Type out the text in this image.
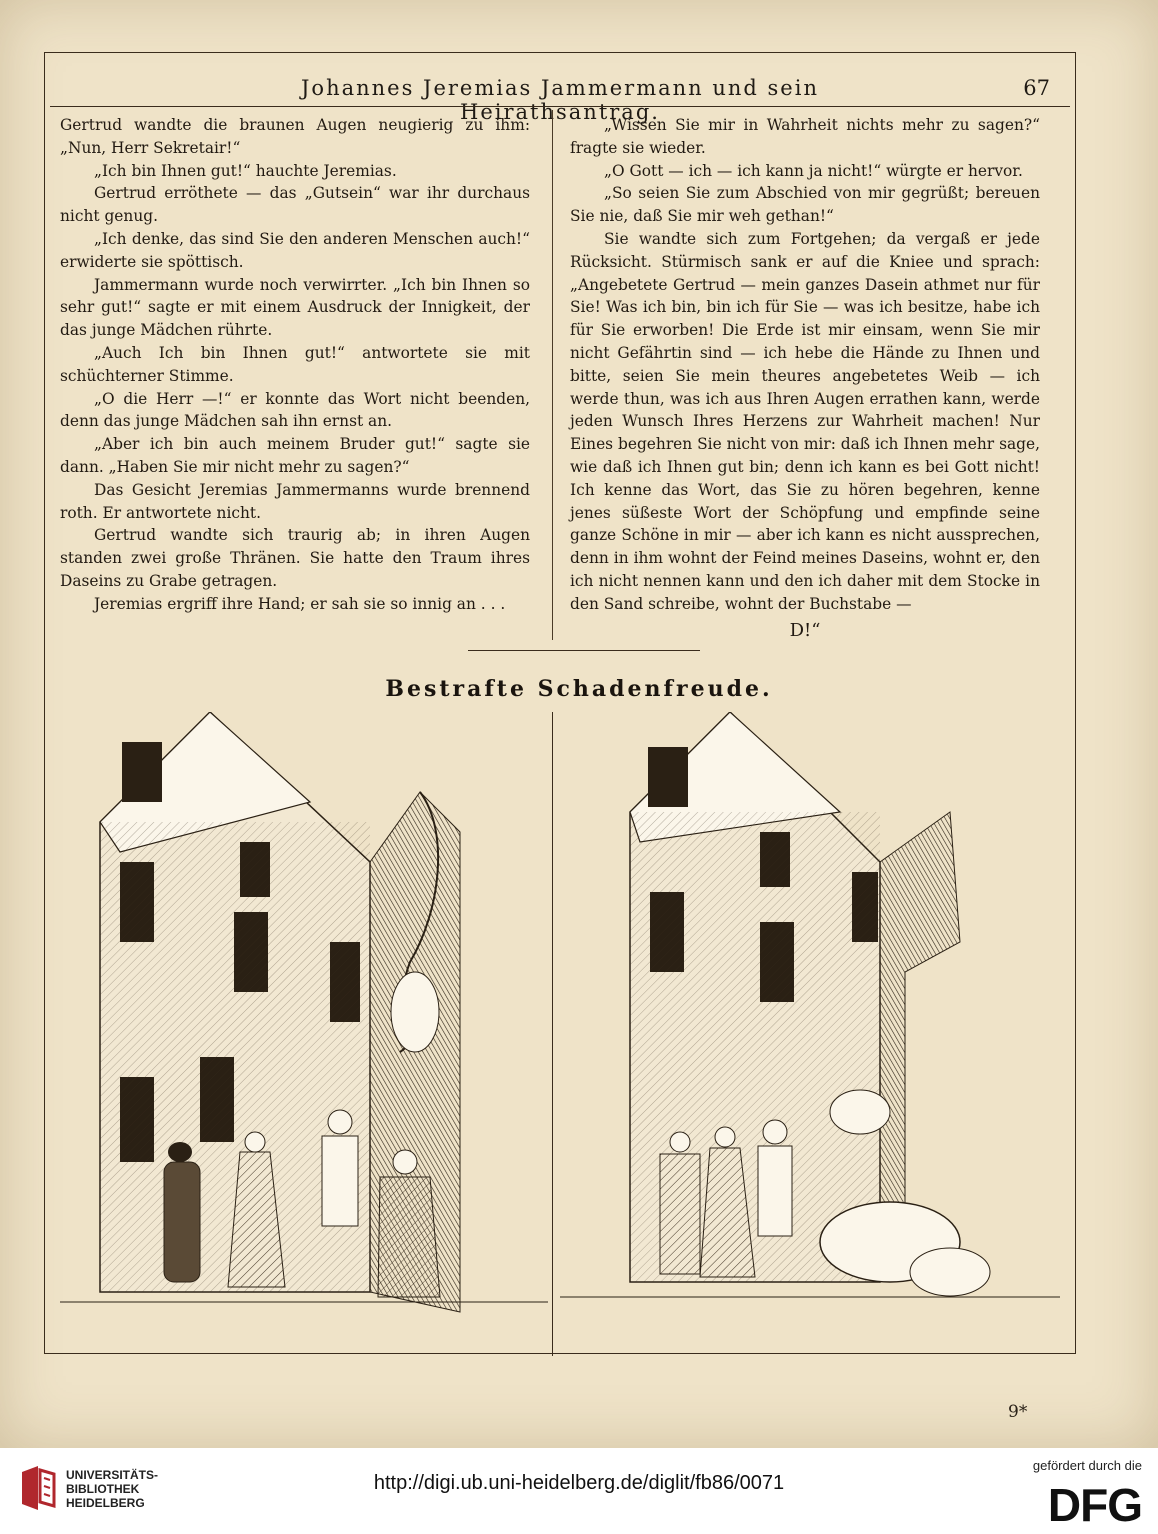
Johannes Jeremias Jammermann und sein Heirathsantrag.
67

Gertrud wandte die braunen Augen neugierig zu ihm: „Nun, Herr Sekretair!“

„Ich bin Ihnen gut!“ hauchte Jeremias.

Gertrud erröthete — das „Gutsein“ war ihr durchaus nicht genug.

„Ich denke, das sind Sie den anderen Menschen auch!“ erwiderte sie spöttisch.

Jammermann wurde noch verwirrter. „Ich bin Ihnen so sehr gut!“ sagte er mit einem Ausdruck der Innigkeit, der das junge Mädchen rührte.

„Auch Ich bin Ihnen gut!“ antwortete sie mit schüchterner Stimme.

„O die Herr —!“ er konnte das Wort nicht beenden, denn das junge Mädchen sah ihn ernst an.

„Aber ich bin auch meinem Bruder gut!“ sagte sie dann. „Haben Sie mir nicht mehr zu sagen?“

Das Gesicht Jeremias Jammermanns wurde brennend roth. Er antwortete nicht.

Gertrud wandte sich traurig ab; in ihren Augen standen zwei große Thränen. Sie hatte den Traum ihres Daseins zu Grabe getragen.

Jeremias ergriff ihre Hand; er sah sie so innig an . . .

„Wissen Sie mir in Wahrheit nichts mehr zu sagen?“ fragte sie wieder.

„O Gott — ich — ich kann ja nicht!“ würgte er hervor.

„So seien Sie zum Abschied von mir gegrüßt; bereuen Sie nie, daß Sie mir weh gethan!“

Sie wandte sich zum Fortgehen; da vergaß er jede Rücksicht. Stürmisch sank er auf die Kniee und sprach: „Angebetete Gertrud — mein ganzes Dasein athmet nur für Sie! Was ich bin, bin ich für Sie — was ich besitze, habe ich für Sie erworben! Die Erde ist mir einsam, wenn Sie mir nicht Gefährtin sind — ich hebe die Hände zu Ihnen und bitte, seien Sie mein theures angebetetes Weib — ich werde thun, was ich aus Ihren Augen errathen kann, werde jeden Wunsch Ihres Herzens zur Wahrheit machen! Nur Eines begehren Sie nicht von mir: daß ich Ihnen mehr sage, wie daß ich Ihnen gut bin; denn ich kann es bei Gott nicht! Ich kenne das Wort, das Sie zu hören begehren, kenne jenes süßeste Wort der Schöpfung und empfinde seine ganze Schöne in mir — aber ich kann es nicht aussprechen, denn in ihm wohnt der Feind meines Daseins, wohnt er, den ich nicht nennen kann und den ich daher mit dem Stocke in den Sand schreibe, wohnt der Buchstabe —

D!“

Bestrafte Schadenfreude.
9*
UNIVERSITÄTS-
BIBLIOTHEK
HEIDELBERG
http://digi.ub.uni-heidelberg.de/diglit/fb86/0071
gefördert durch die
DFG
